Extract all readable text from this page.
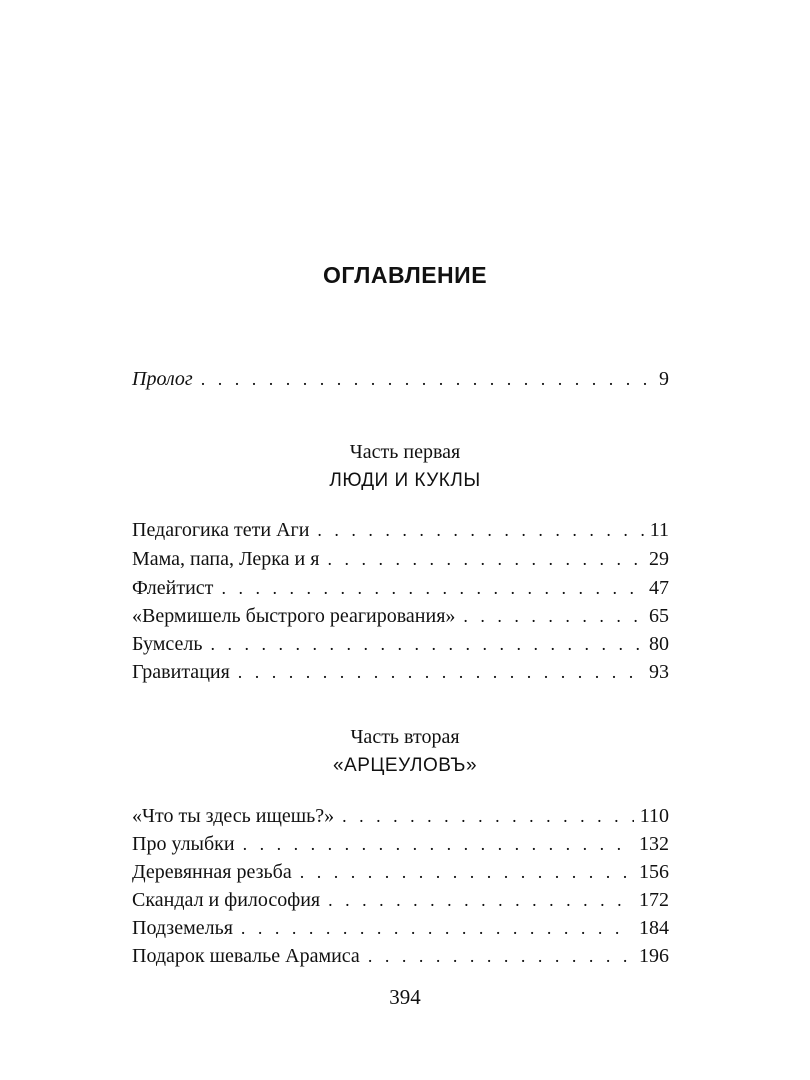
ОГЛАВЛЕНИЕ
Пролог . . .	9
Часть первая
ЛЮДИ И КУКЛЫ
Педагогика тети Аги . . .	11
Мама, папа, Лерка и я . . .	29
Флейтист . . .	47
«Вермишель быстрого реагирования» . . .	65
Бумсель . . .	80
Гравитация . . .	93
Часть вторая
«АРЦЕУЛОВЪ»
«Что ты здесь ищешь?» . . .	110
Про улыбки . . .	132
Деревянная резьба . . .	156
Скандал и философия . . .	172
Подземелья . . .	184
Подарок шевалье Арамиса . . .	196
394
